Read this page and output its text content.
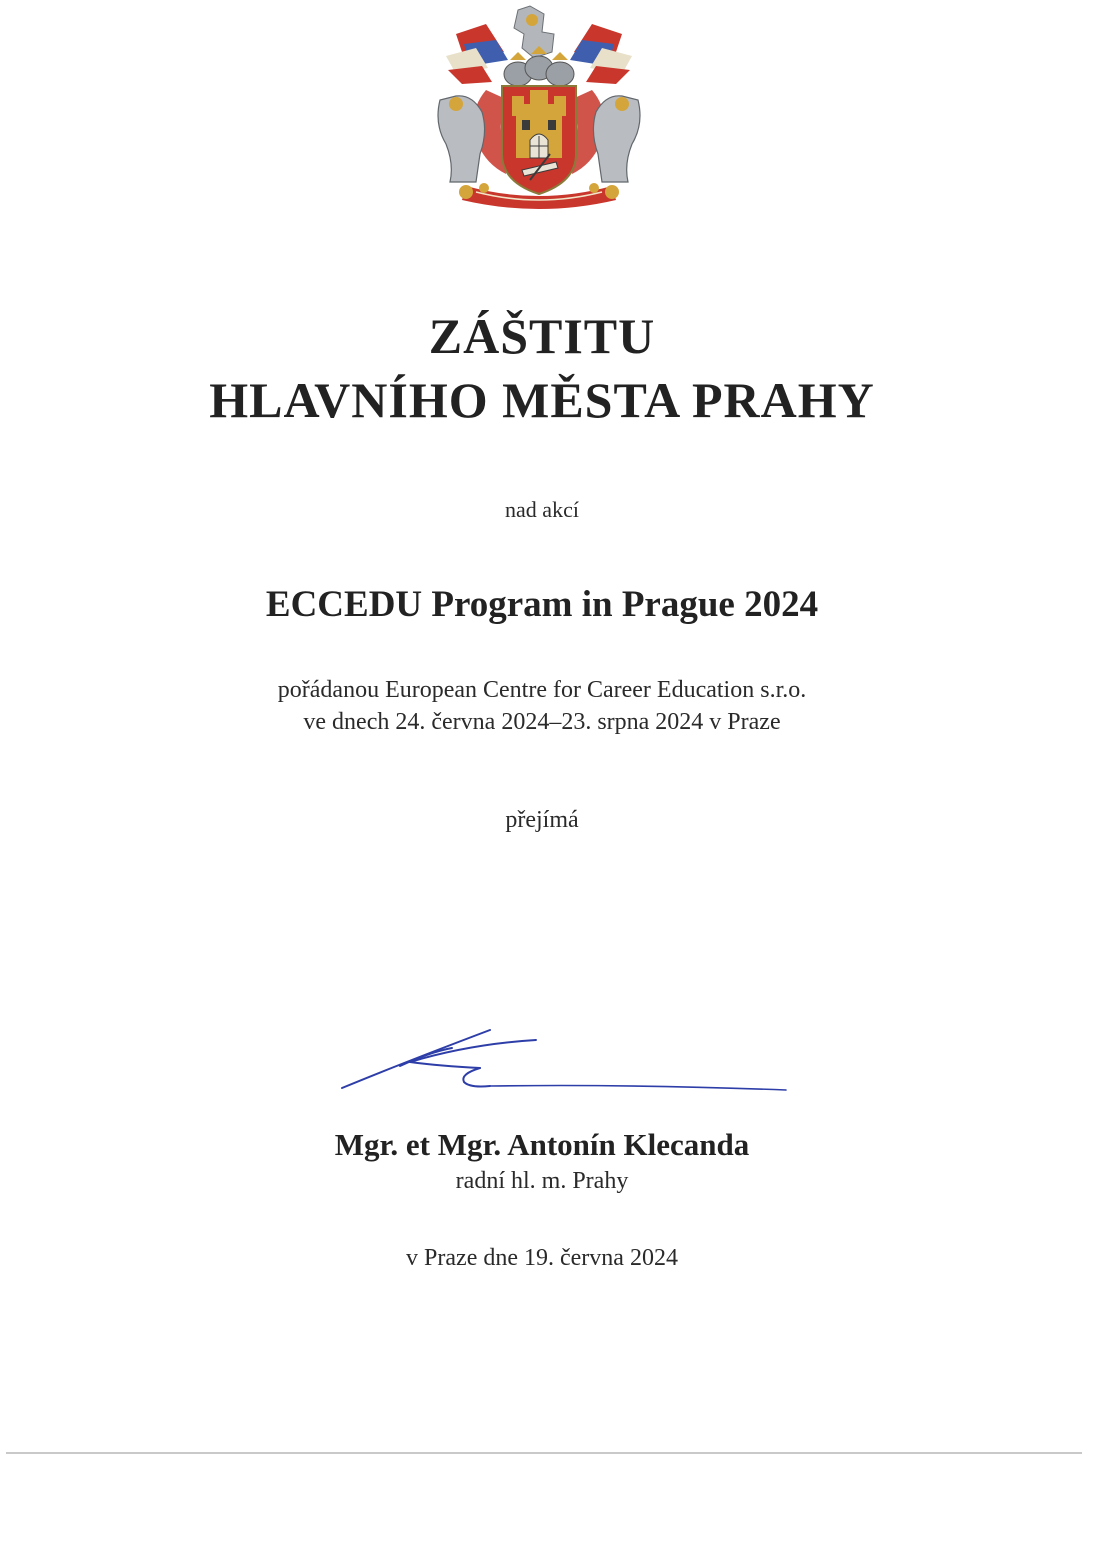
ZÁŠTITU
HLAVNÍHO MĚSTA PRAHY
nad akcí
ECCEDU Program in Prague 2024
pořádanou European Centre for Career Education s.r.o.
ve dnech 24. června 2024–23. srpna 2024 v Praze
přejímá
Mgr. et Mgr. Antonín Klecanda
radní hl. m. Prahy
v Praze dne 19. června 2024
